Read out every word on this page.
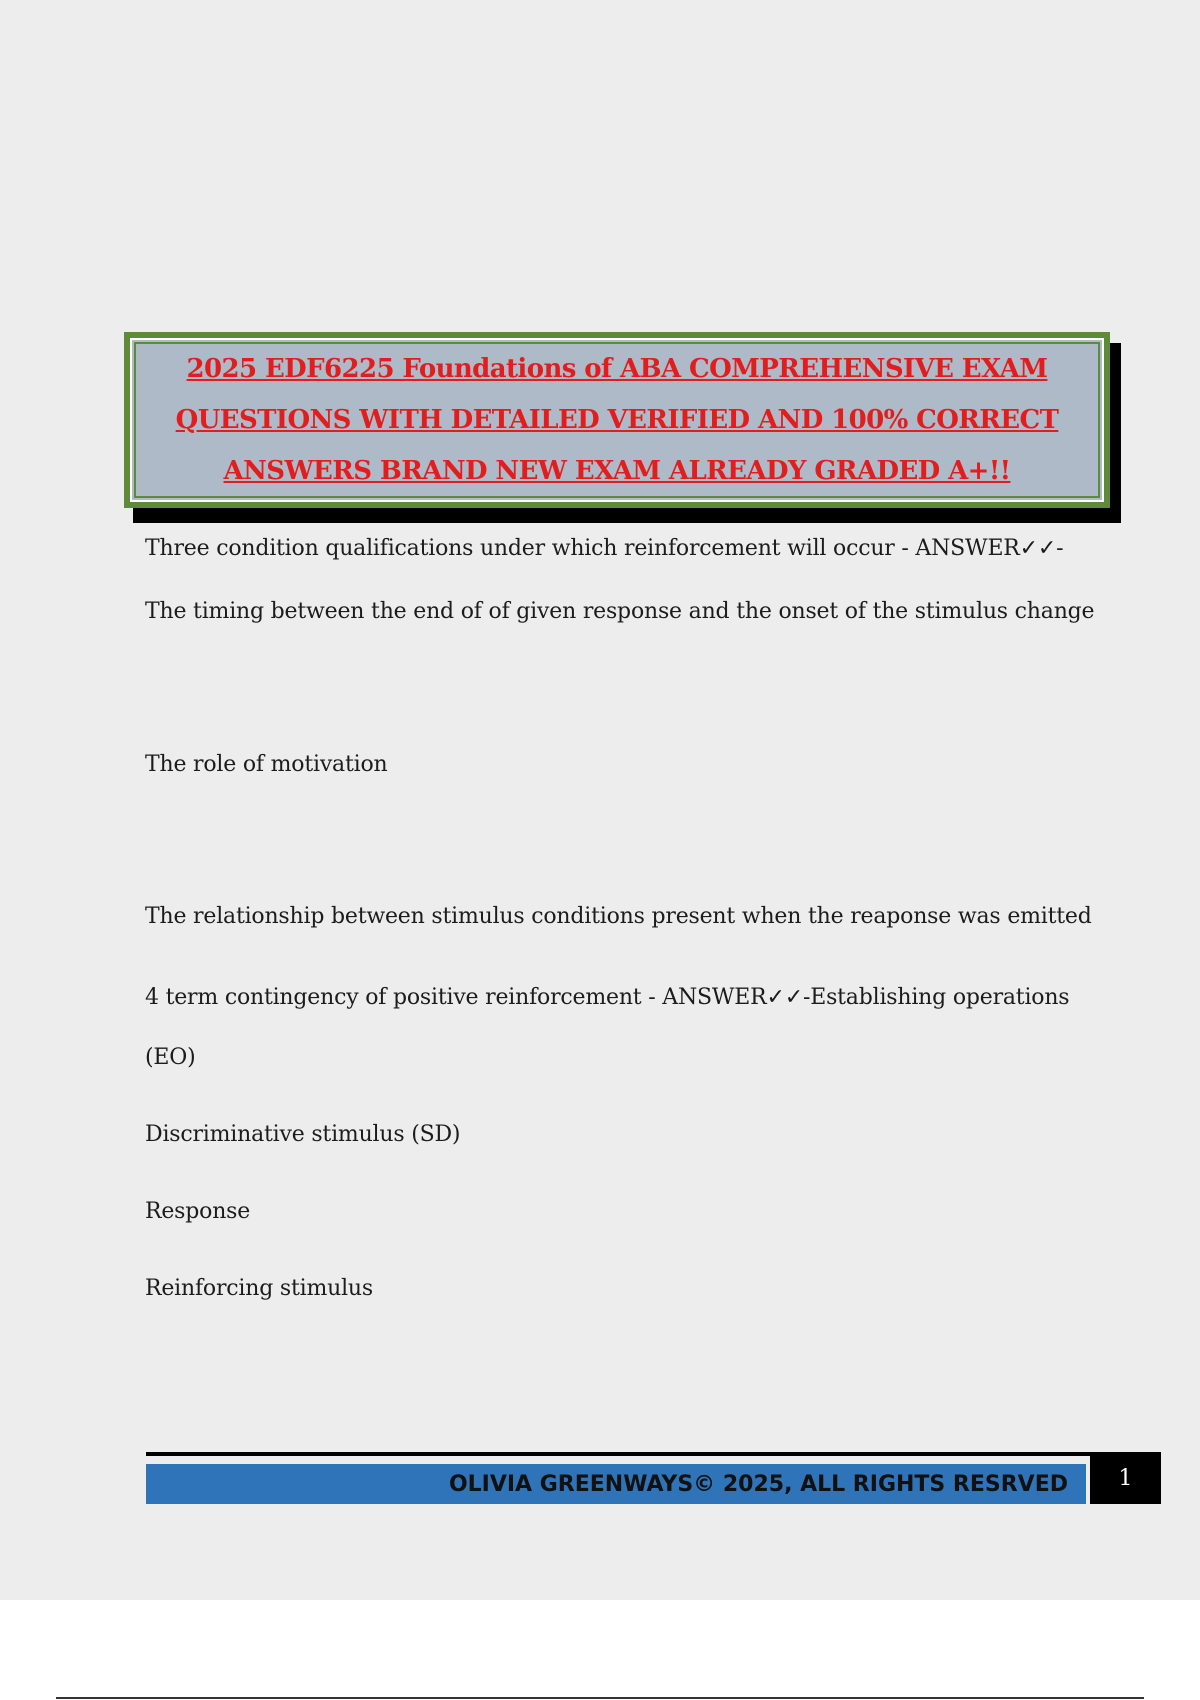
2025 EDF6225 Foundations of ABA COMPREHENSIVE EXAM
QUESTIONS WITH DETAILED VERIFIED AND 100% CORRECT
ANSWERS BRAND NEW EXAM ALREADY GRADED A+!!
Three condition qualifications under which reinforcement will occur - ANSWER✓✓-
The timing between the end of of given response and the onset of the stimulus change
The role of motivation
The relationship between stimulus conditions present when the reaponse was emitted
4 term contingency of positive reinforcement - ANSWER✓✓-Establishing operations
(EO)
Discriminative stimulus (SD)
Response
Reinforcing stimulus
OLIVIA GREENWAYS© 2025, ALL RIGHTS RESRVED	1
